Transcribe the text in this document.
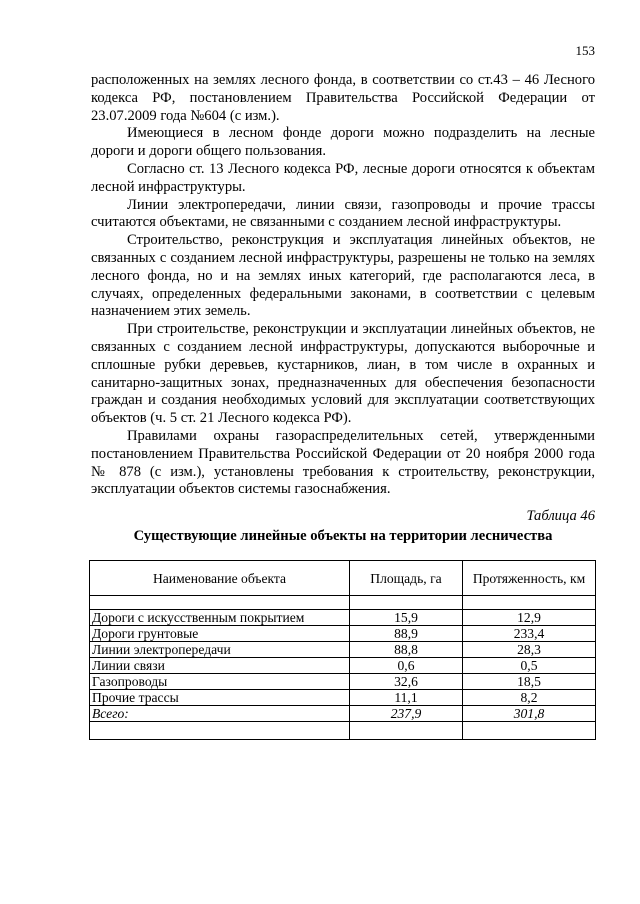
153

расположенных на землях лесного фонда, в соответствии со ст.43 – 46 Лесного кодекса РФ, постановлением Правительства Российской Федерации от 23.07.2009 года №604 (с изм.).

Имеющиеся в лесном фонде дороги можно подразделить на лесные дороги и дороги общего пользования.

Согласно ст. 13 Лесного кодекса РФ, лесные дороги относятся к объектам лесной инфраструктуры.

Линии электропередачи, линии связи, газопроводы и прочие трассы считаются объектами, не связанными с созданием лесной инфраструктуры.

Строительство, реконструкция и эксплуатация линейных объектов, не связанных с созданием лесной инфраструктуры, разрешены не только на землях лесного фонда, но и на землях иных категорий, где располагаются леса, в случаях, определенных федеральными законами, в соответствии с целевым назначением этих земель.

При строительстве, реконструкции и эксплуатации линейных объектов, не связанных с созданием лесной инфраструктуры, допускаются выборочные и сплошные рубки деревьев, кустарников, лиан, в том числе в охранных и санитарно-защитных зонах, предназначенных для обеспечения безопасности граждан и создания необходимых условий для эксплуатации соответствующих объектов (ч. 5 ст. 21 Лесного кодекса РФ).

Правилами охраны газораспределительных сетей, утвержденными постановлением Правительства Российской Федерации от 20 ноября 2000 года № 878 (с изм.), установлены требования к строительству, реконструкции, эксплуатации объектов системы газоснабжения.

Таблица 46
Существующие линейные объекты на территории лесничества
Наименование объекта	Площадь, га	Протяженность, км

Дороги с искусственным покрытием	15,9	12,9
Дороги грунтовые	88,9	233,4
Линии электропередачи	88,8	28,3
Линии связи	0,6	0,5
Газопроводы	32,6	18,5
Прочие трассы	11,1	8,2
Всего:	237,9	301,8
